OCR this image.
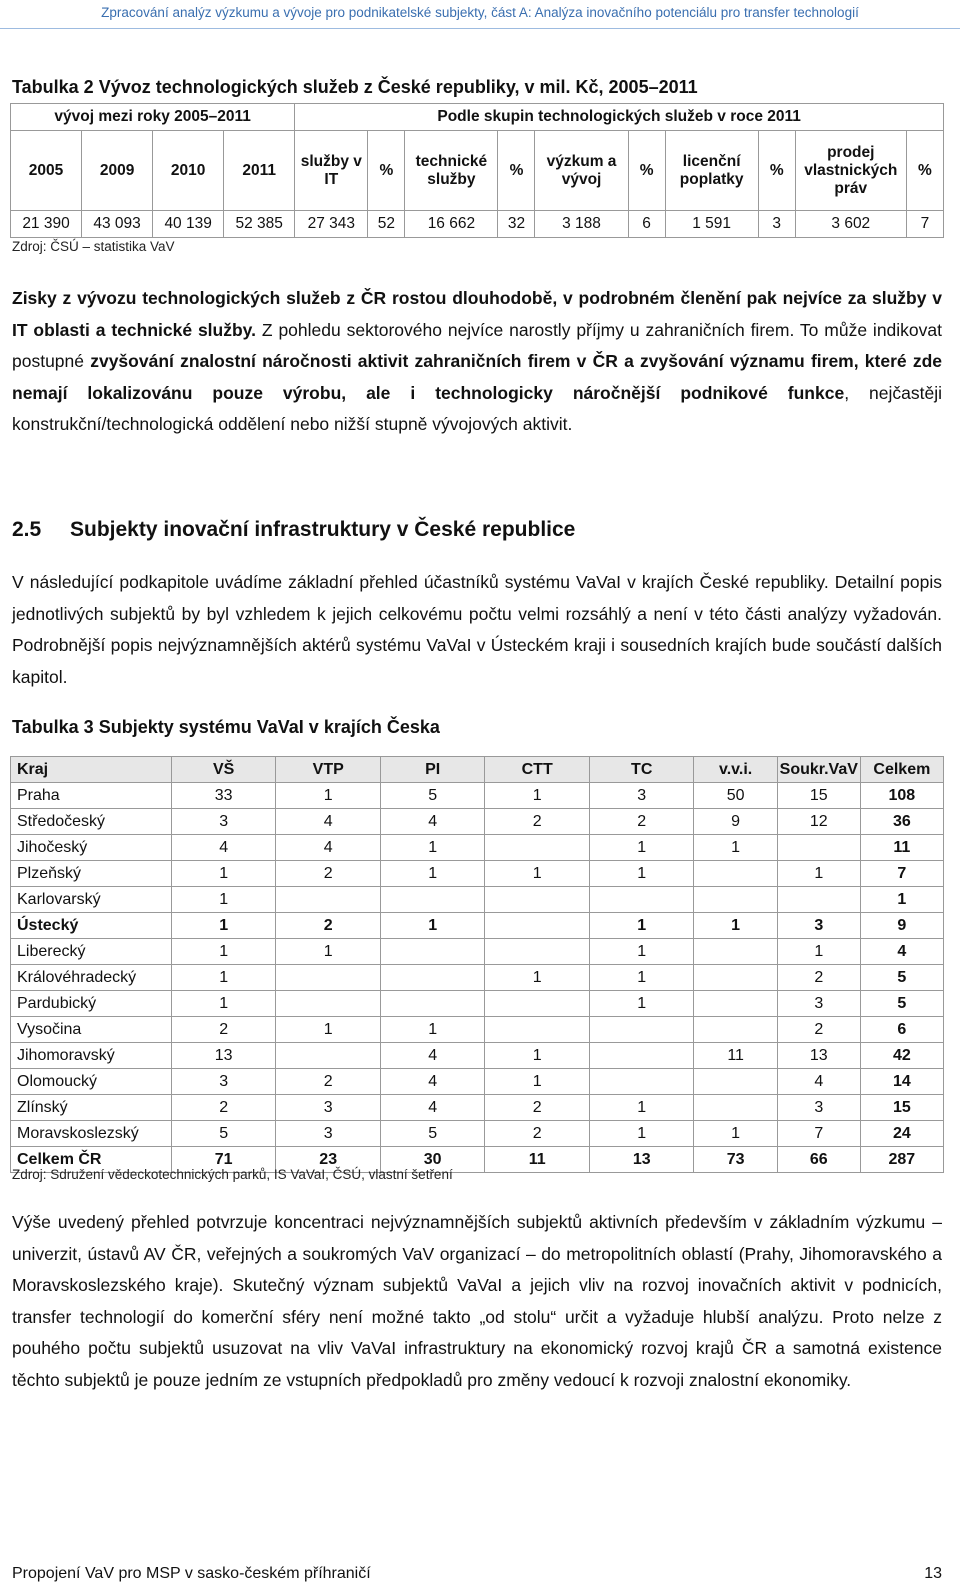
Zpracování analýz výzkumu a vývoje pro podnikatelské subjekty, část A: Analýza inovačního potenciálu pro transfer technologií
Tabulka 2 Vývoz technologických služeb z České republiky, v mil. Kč, 2005–2011
vývoj mezi roky 2005–2011				Podle skupin technologických služeb v roce 2011									
2005	2009	2010	2011	služby v IT	%	technické služby	%	výzkum a vývoj	%	licenční poplatky	%	prodej vlastnických práv	%
21 390	43 093	40 139	52 385	27 343	52	16 662	32	3 188	6	1 591	3	3 602	7
Zdroj: ČSÚ – statistika VaV

Zisky z vývozu technologických služeb z ČR rostou dlouhodobě, v podrobném členění pak nejvíce za služby v IT oblasti a technické služby. Z pohledu sektorového nejvíce narostly příjmy u zahraničních firem. To může indikovat postupné zvyšování znalostní náročnosti aktivit zahraničních firem v ČR a zvyšování významu firem, které zde nemají lokalizovánu pouze výrobu, ale i technologicky náročnější podnikové funkce, nejčastěji konstrukční/technologická oddělení nebo nižší stupně vývojových aktivit.

2.5 Subjekty inovační infrastruktury v České republice

V následující podkapitole uvádíme základní přehled účastníků systému VaVaI v krajích České republiky. Detailní popis jednotlivých subjektů by byl vzhledem k jejich celkovému počtu velmi rozsáhlý a není v této části analýzy vyžadován. Podrobnější popis nejvýznamnějších aktérů systému VaVaI v Ústeckém kraji i sousedních krajích bude součástí dalších kapitol.

Tabulka 3 Subjekty systému VaVaI v krajích Česka
Kraj	VŠ	VTP	PI	CTT	TC	v.v.i.	Soukr.VaV	Celkem
Praha	33	1	5	1	3	50	15	108
Středočeský	3	4	4	2	2	9	12	36
Jihočeský	4	4	1		1	1		11
Plzeňský	1	2	1	1	1		1	7
Karlovarský	1							1
Ústecký	1	2	1		1	1	3	9
Liberecký	1	1			1		1	4
Královéhradecký	1			1	1		2	5
Pardubický	1				1		3	5
Vysočina	2	1	1				2	6
Jihomoravský	13		4	1		11	13	42
Olomoucký	3	2	4	1			4	14
Zlínský	2	3	4	2	1		3	15
Moravskoslezský	5	3	5	2	1	1	7	24
Celkem ČR	71	23	30	11	13	73	66	287
Zdroj: Sdružení vědeckotechnických parků, IS VaVaI, ČSÚ, vlastní šetření

Výše uvedený přehled potvrzuje koncentraci nejvýznamnějších subjektů aktivních především v základním výzkumu – univerzit, ústavů AV ČR, veřejných a soukromých VaV organizací – do metropolitních oblastí (Prahy, Jihomoravského a Moravskoslezského kraje). Skutečný význam subjektů VaVaI a jejich vliv na rozvoj inovačních aktivit v podnicích, transfer technologií do komerční sféry není možné takto „od stolu“ určit a vyžaduje hlubší analýzu. Proto nelze z pouhého počtu subjektů usuzovat na vliv VaVaI infrastruktury na ekonomický rozvoj krajů ČR a samotná existence těchto subjektů je pouze jedním ze vstupních předpokladů pro změny vedoucí k rozvoji znalostní ekonomiky.

Propojení VaV pro MSP v sasko-českém příhraničí	13
